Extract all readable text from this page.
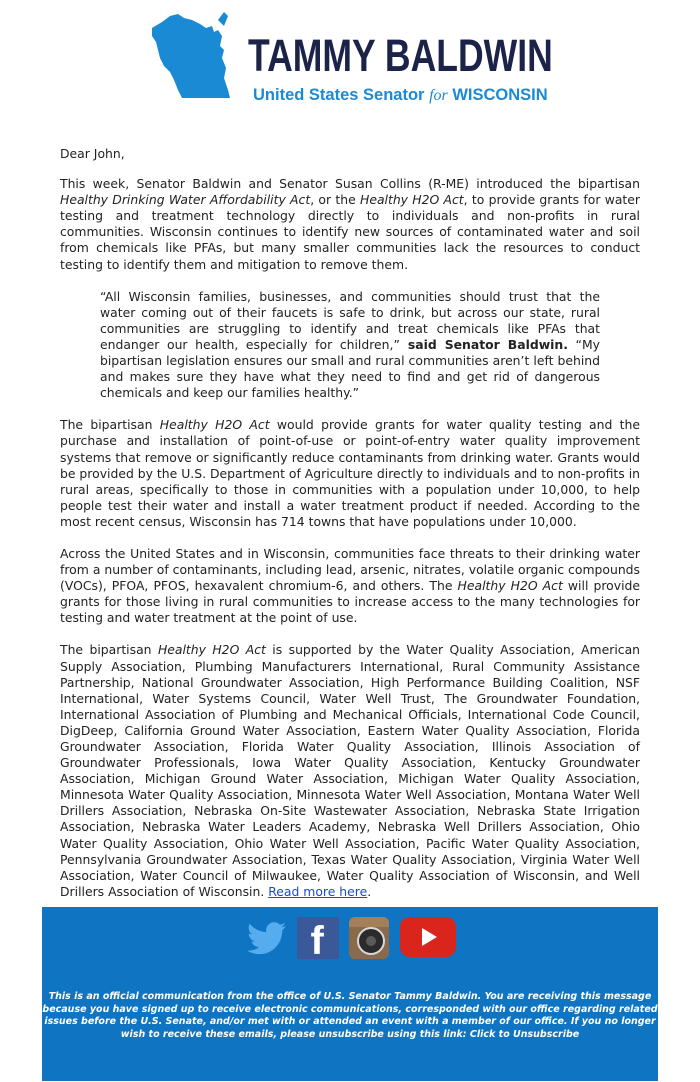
TAMMY BALDWIN
United States Senator for WISCONSIN

Dear John,

This week, Senator Baldwin and Senator Susan Collins (R-ME) introduced the bipartisan Healthy Drinking Water Affordability Act, or the Healthy H2O Act, to provide grants for water testing and treatment technology directly to individuals and non-profits in rural communities. Wisconsin continues to identify new sources of contaminated water and soil from chemicals like PFAs, but many smaller communities lack the resources to conduct testing to identify them and mitigation to remove them.

“All Wisconsin families, businesses, and communities should trust that the water coming out of their faucets is safe to drink, but across our state, rural communities are struggling to identify and treat chemicals like PFAs that endanger our health, especially for children,” said Senator Baldwin. “My bipartisan legislation ensures our small and rural communities aren’t left behind and makes sure they have what they need to find and get rid of dangerous chemicals and keep our families healthy.”

The bipartisan Healthy H2O Act would provide grants for water quality testing and the purchase and installation of point-of-use or point-of-entry water quality improvement systems that remove or significantly reduce contaminants from drinking water. Grants would be provided by the U.S. Department of Agriculture directly to individuals and to non-profits in rural areas, specifically to those in communities with a population under 10,000, to help people test their water and install a water treatment product if needed. According to the most recent census, Wisconsin has 714 towns that have populations under 10,000.

Across the United States and in Wisconsin, communities face threats to their drinking water from a number of contaminants, including lead, arsenic, nitrates, volatile organic compounds (VOCs), PFOA, PFOS, hexavalent chromium-6, and others. The Healthy H2O Act will provide grants for those living in rural communities to increase access to the many technologies for testing and water treatment at the point of use.

The bipartisan Healthy H2O Act is supported by the Water Quality Association, American Supply Association, Plumbing Manufacturers International, Rural Community Assistance Partnership, National Groundwater Association, High Performance Building Coalition, NSF International, Water Systems Council, Water Well Trust, The Groundwater Foundation, International Association of Plumbing and Mechanical Officials, International Code Council, DigDeep, California Ground Water Association, Eastern Water Quality Association, Florida Groundwater Association, Florida Water Quality Association, Illinois Association of Groundwater Professionals, Iowa Water Quality Association, Kentucky Groundwater Association, Michigan Ground Water Association, Michigan Water Quality Association, Minnesota Water Quality Association, Minnesota Water Well Association, Montana Water Well Drillers Association, Nebraska On-Site Wastewater Association, Nebraska State Irrigation Association, Nebraska Water Leaders Academy, Nebraska Well Drillers Association, Ohio Water Quality Association, Ohio Water Well Association, Pacific Water Quality Association, Pennsylvania Groundwater Association, Texas Water Quality Association, Virginia Water Well Association, Water Council of Milwaukee, Water Quality Association of Wisconsin, and Well Drillers Association of Wisconsin. Read more here.

f

This is an official communication from the office of U.S. Senator Tammy Baldwin. You are receiving this message because you have signed up to receive electronic communications, corresponded with our office regarding related issues before the U.S. Senate, and/or met with or attended an event with a member of our office. If you no longer wish to receive these emails, please unsubscribe using this link: Click to Unsubscribe
